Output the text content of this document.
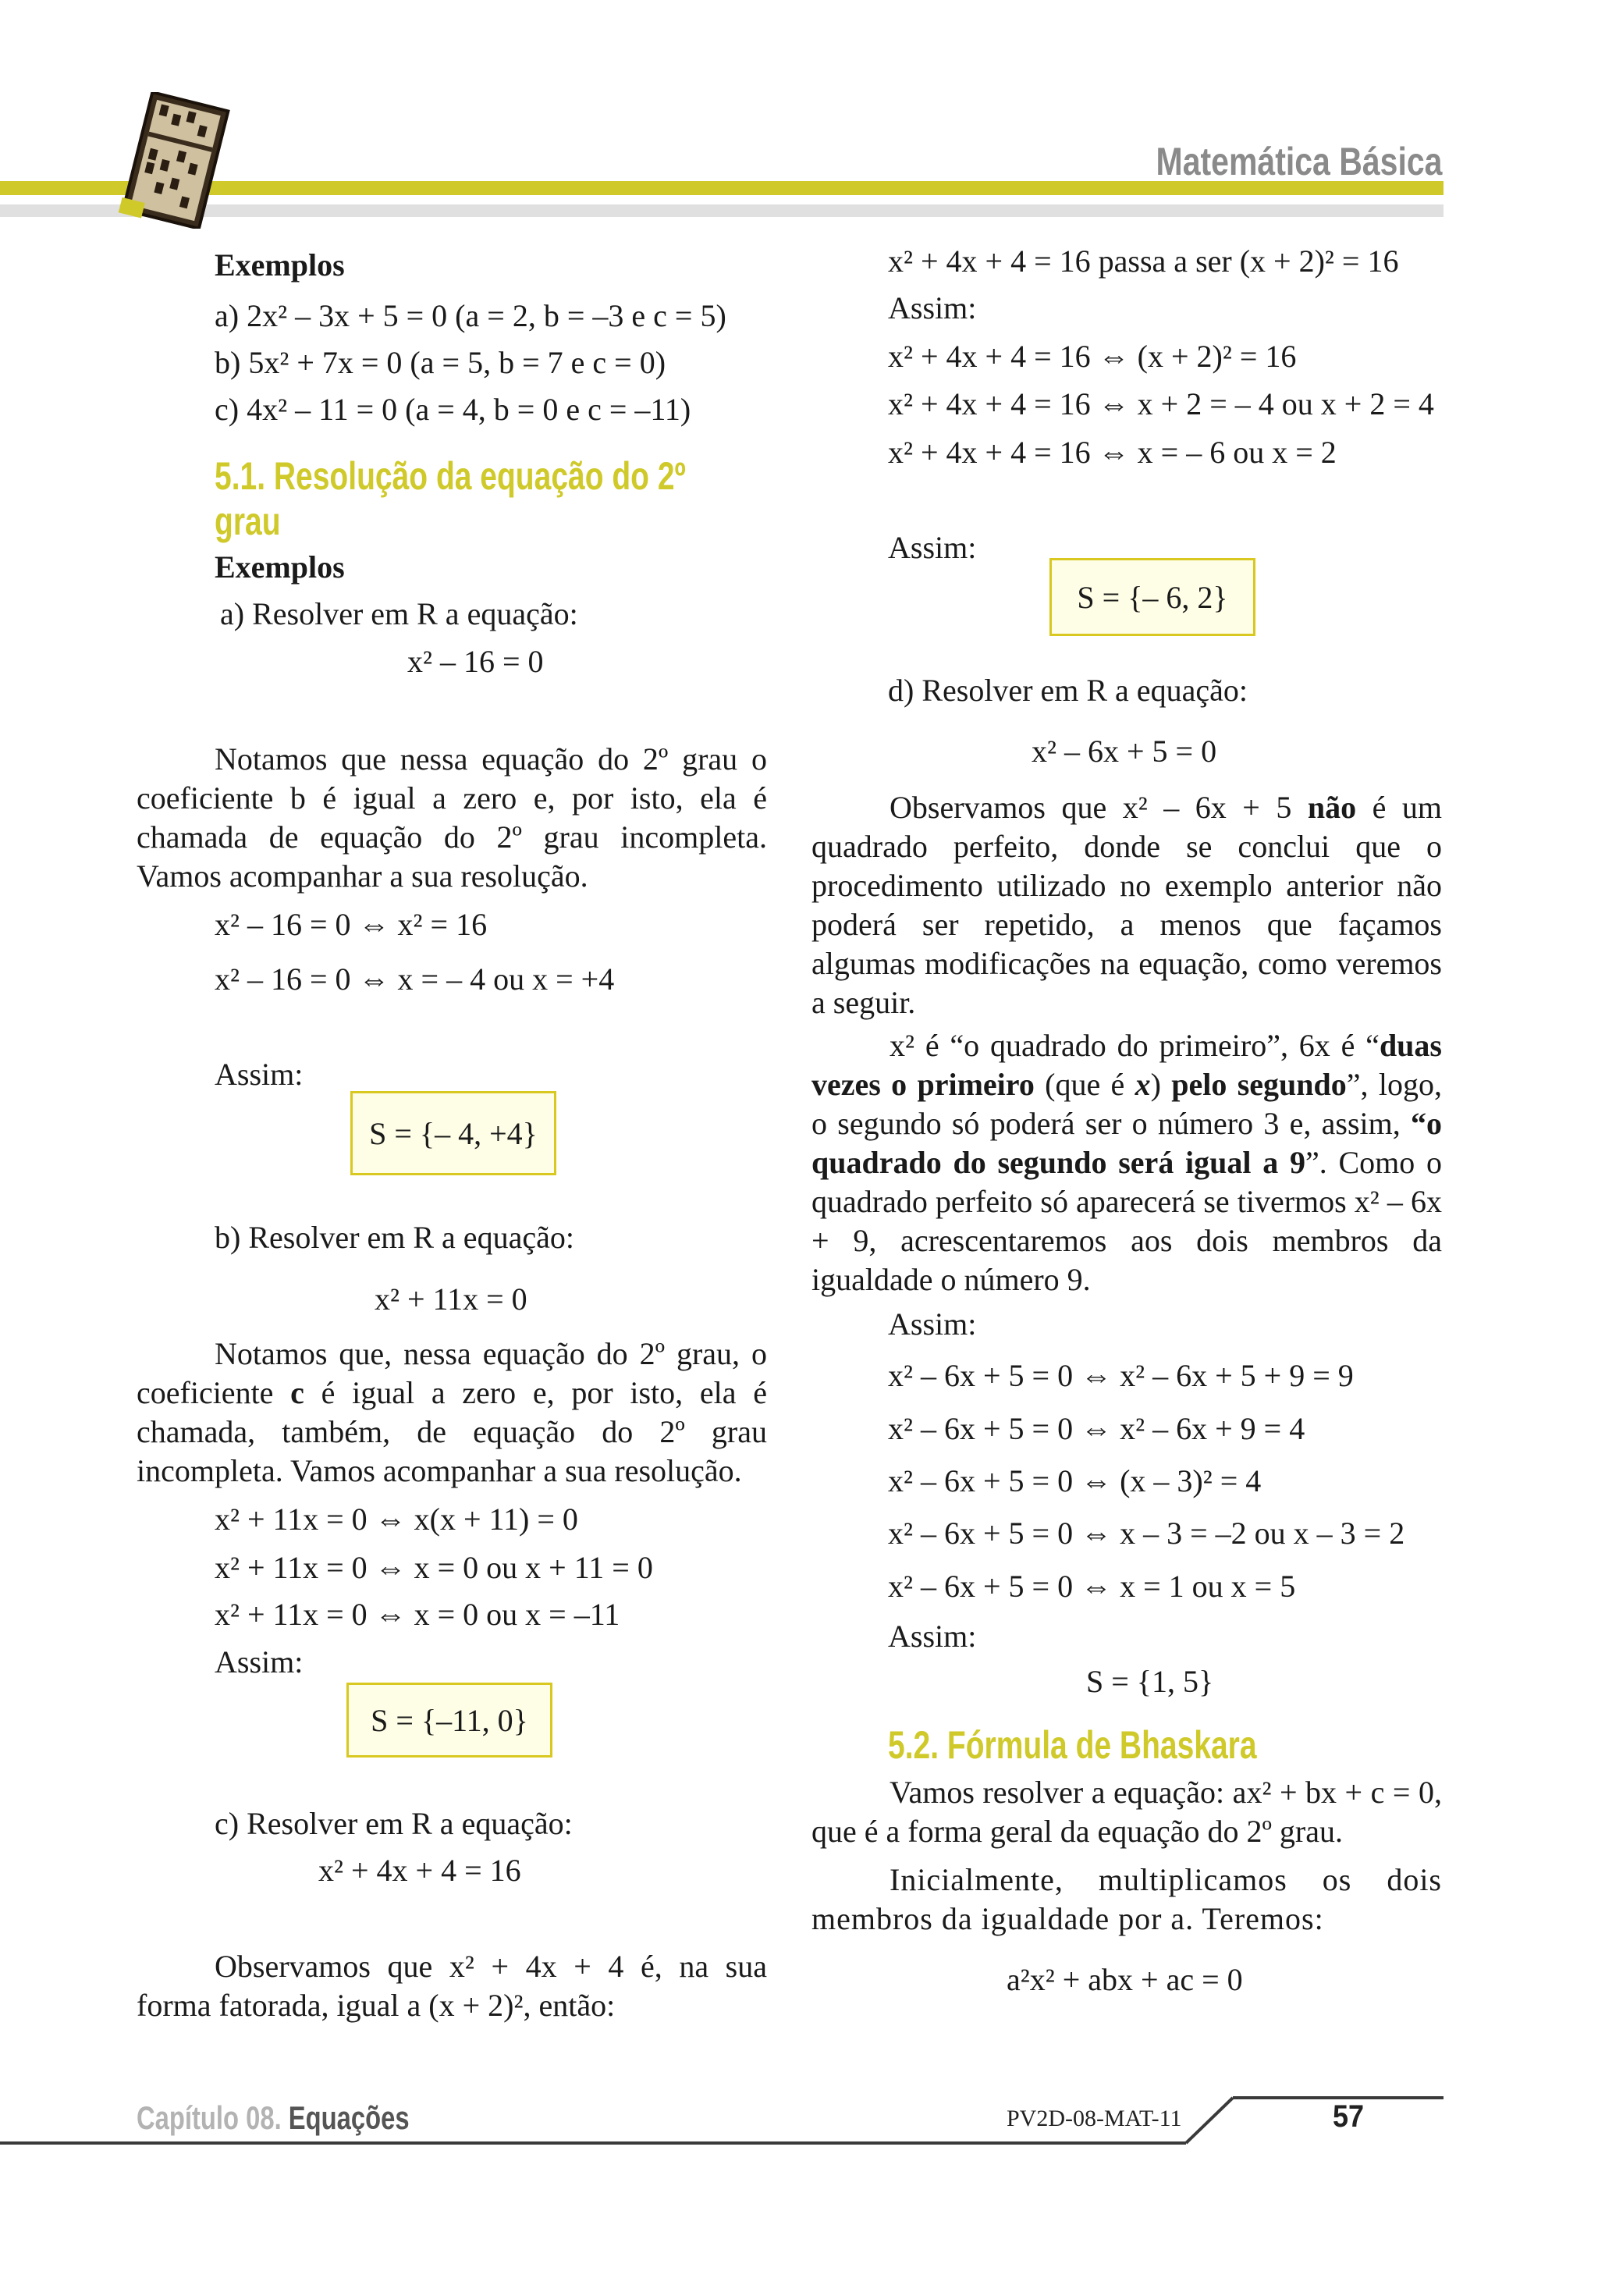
Matemática Básica
Exemplos
a) 2x² – 3x + 5 = 0 (a = 2, b = –3 e c = 5)
b) 5x² + 7x = 0 (a = 5, b = 7 e c = 0)
c) 4x² – 11 = 0 (a = 4, b = 0 e c = –11)
5.1. Resolução da equação do 2º
grau
Exemplos
a) Resolver em R a equação:
x² – 16 = 0
Notamos que nessa equação do 2º grau o coeficiente b é igual a zero e, por isto, ela é chamada de equação do 2º grau incompleta. Vamos acompanhar a sua resolução.
x² – 16 = 0 ⇔ x² = 16
x² – 16 = 0 ⇔ x = – 4 ou x = +4
Assim:
S = {– 4, +4}
b) Resolver em R a equação:
x² + 11x = 0
Notamos que, nessa equação do 2º grau, o coeficiente c é igual a zero e, por isto, ela é chamada, também, de equação do 2º grau incompleta. Vamos acompanhar a sua resolução.
x² + 11x = 0 ⇔ x(x + 11) = 0
x² + 11x = 0 ⇔ x = 0 ou x + 11 = 0
x² + 11x = 0 ⇔ x = 0 ou x = –11
Assim:
S = {–11, 0}
c) Resolver em R a equação:
x² + 4x + 4 = 16
Observamos que x² + 4x + 4 é, na sua forma fatorada, igual a (x + 2)², então:
x² + 4x + 4 = 16 passa a ser (x + 2)² = 16
Assim:
x² + 4x + 4 = 16 ⇔ (x + 2)² = 16
x² + 4x + 4 = 16 ⇔ x + 2 = – 4 ou x + 2 = 4
x² + 4x + 4 = 16 ⇔ x = – 6 ou x = 2
Assim:
S = {– 6, 2}
d) Resolver em R a equação:
x² – 6x + 5 = 0
Observamos que x² – 6x + 5 não é um quadrado perfeito, donde se conclui que o procedimento utilizado no exemplo anterior não poderá ser repetido, a menos que façamos algumas modificações na equação, como veremos a seguir.
x² é “o quadrado do primeiro”, 6x é “duas vezes o primeiro (que é x) pelo segundo”, logo, o segundo só poderá ser o número 3 e, assim, “o quadrado do segundo será igual a 9”. Como o quadrado perfeito só aparecerá se tivermos x² – 6x + 9, acrescentaremos aos dois membros da igualdade o número 9.
Assim:
x² – 6x + 5 = 0 ⇔ x² – 6x + 5 + 9 = 9
x² – 6x + 5 = 0 ⇔ x² – 6x + 9 = 4
x² – 6x + 5 = 0 ⇔ (x – 3)² = 4
x² – 6x + 5 = 0 ⇔ x – 3 = –2 ou x – 3 = 2
x² – 6x + 5 = 0 ⇔ x = 1 ou x = 5
Assim:
S = {1, 5}
5.2. Fórmula de Bhaskara
Vamos resolver a equação: ax² + bx + c = 0, que é a forma geral da equação do 2º grau.
Inicialmente, multiplicamos os dois membros da igualdade por a. Teremos:
a²x² + abx + ac = 0
Capítulo 08. Equações	PV2D-08-MAT-11	57
